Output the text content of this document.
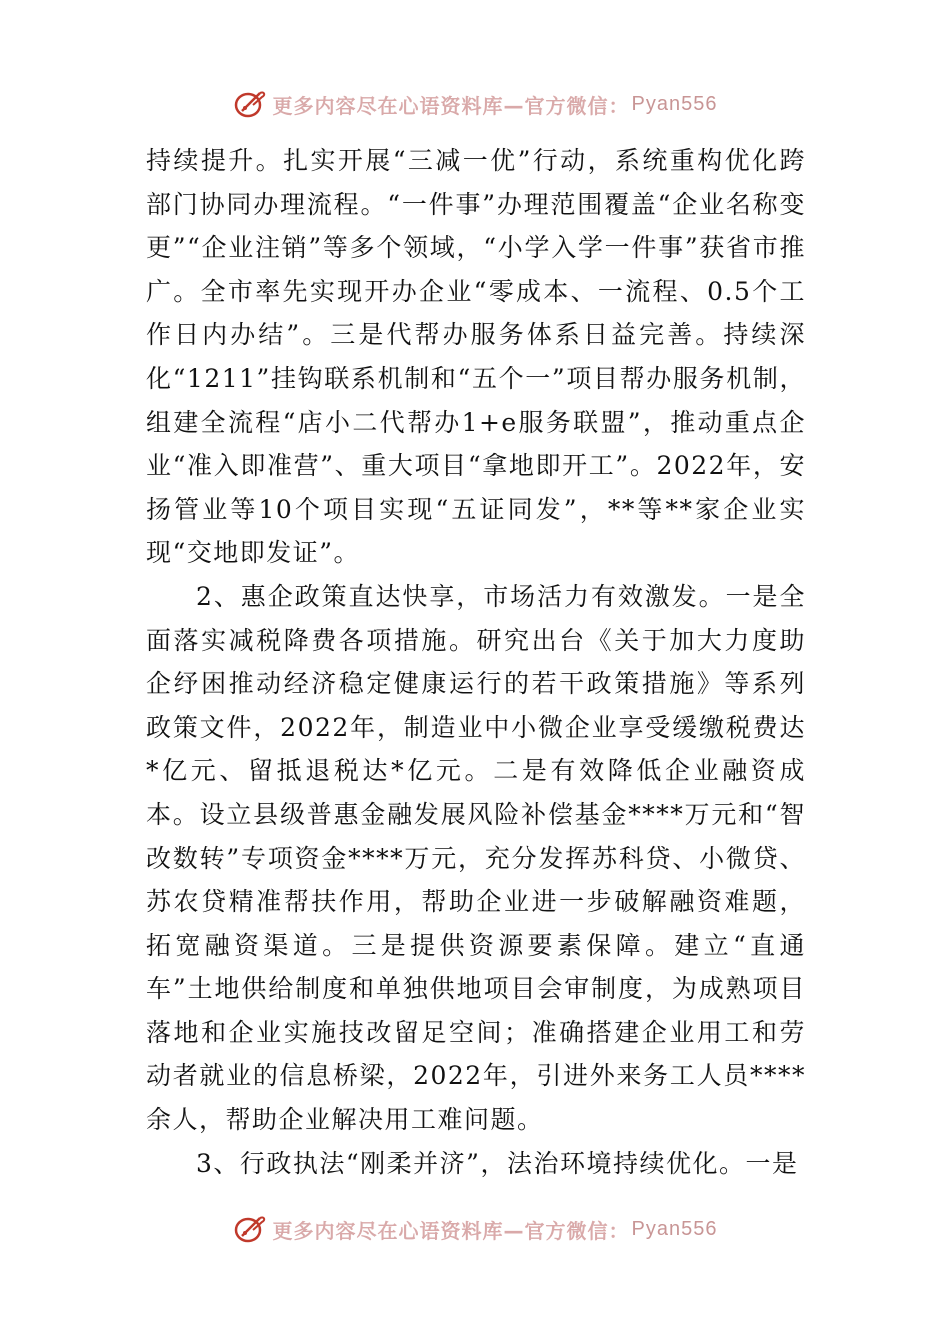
更多内容尽在心语资料库—官方微信： Pyan556

持续提升。扎实开展“三减一优”行动，系统重构优化跨部门协同办理流程。“一件事”办理范围覆盖“企业名称变更”“企业注销”等多个领域，“小学入学一件事”获省市推广。全市率先实现开办企业“零成本、一流程、0.5个工作日内办结”。三是代帮办服务体系日益完善。持续深化“1211”挂钩联系机制和“五个一”项目帮办服务机制，组建全流程“店小二代帮办1+e服务联盟”，推动重点企业“准入即准营”、重大项目“拿地即开工”。2022年，安扬管业等10个项目实现“五证同发”，**等**家企业实现“交地即发证”。

2、惠企政策直达快享，市场活力有效激发。一是全面落实减税降费各项措施。研究出台《关于加大力度助企纾困推动经济稳定健康运行的若干政策措施》等系列政策文件，2022年，制造业中小微企业享受缓缴税费达*亿元、留抵退税达*亿元。二是有效降低企业融资成本。设立县级普惠金融发展风险补偿基金****万元和“智改数转”专项资金****万元，充分发挥苏科贷、小微贷、苏农贷精准帮扶作用，帮助企业进一步破解融资难题，拓宽融资渠道。三是提供资源要素保障。建立“直通车”土地供给制度和单独供地项目会审制度，为成熟项目落地和企业实施技改留足空间；准确搭建企业用工和劳动者就业的信息桥梁，2022年，引进外来务工人员****余人，帮助企业解决用工难问题。

3、行政执法“刚柔并济”，法治环境持续优化。一是

更多内容尽在心语资料库—官方微信： Pyan556
